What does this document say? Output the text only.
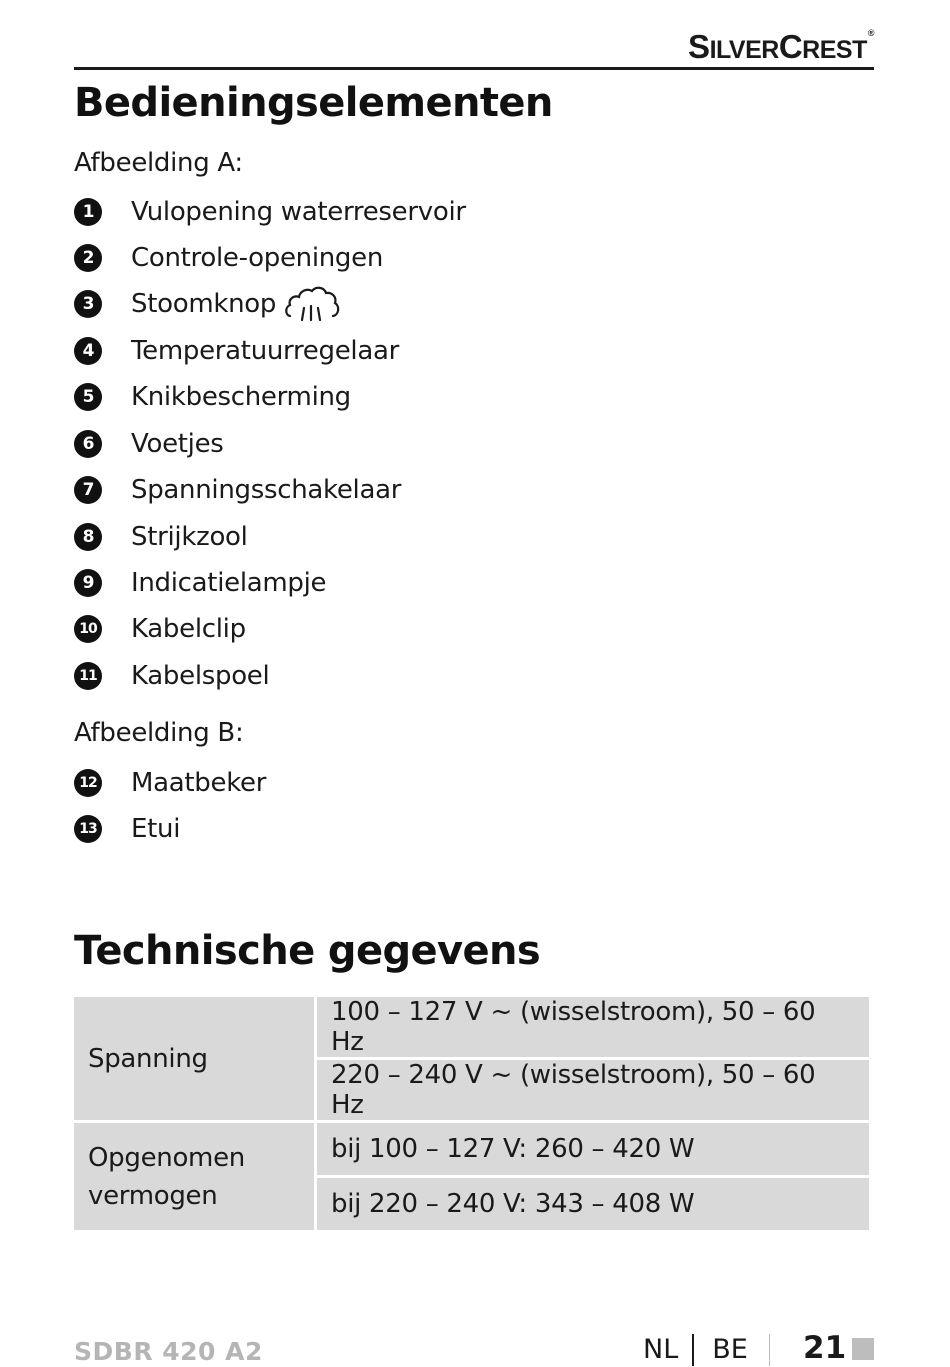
SILVERCREST®
Bedieningselementen
Afbeelding A:
1	Vulopening waterreservoir
2	Controle-openingen
3	Stoomknop
4	Temperatuurregelaar
5	Knikbescherming
6	Voetjes
7	Spanningsschakelaar
8	Strijkzool
9	Indicatielampje
10 Kabelclip
11 Kabelspoel
Afbeelding B:
12 Maatbeker
13 Etui
Technische gegevens
Spanning	100 – 127 V ~ (wisselstroom), 50 – 60 Hz
	220 – 240 V ~ (wisselstroom), 50 – 60 Hz

Opgenomen
vermogen	bij 100 – 127 V: 260 – 420 W
	bij 220 – 240 V: 343 – 408 W
SDBR 420 A2	NL BE 21
